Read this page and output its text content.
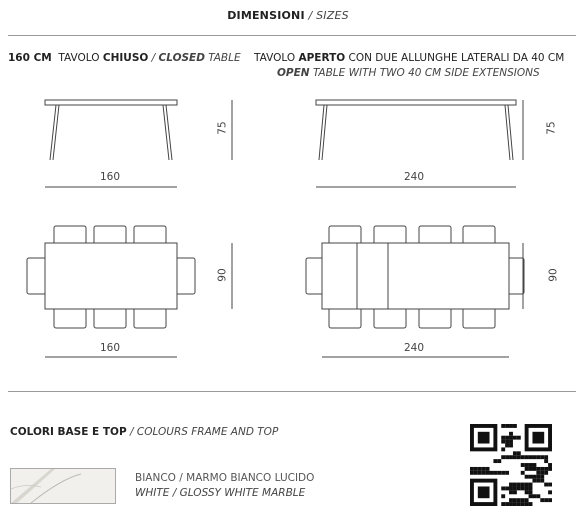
DIMENSIONI / SIZES
160 CM TAVOLO CHIUSO / CLOSED TABLE TAVOLO APERTO CON DUE ALLUNGHE LATERALI DA 40 CM
OPEN TABLE WITH TWO 40 CM SIDE EXTENSIONS
160
75
240
75
160
90
240
90
COLORI BASE E TOP / COLOURS FRAME AND TOP
BIANCO / MARMO BIANCO LUCIDO
WHITE / GLOSSY WHITE MARBLE
